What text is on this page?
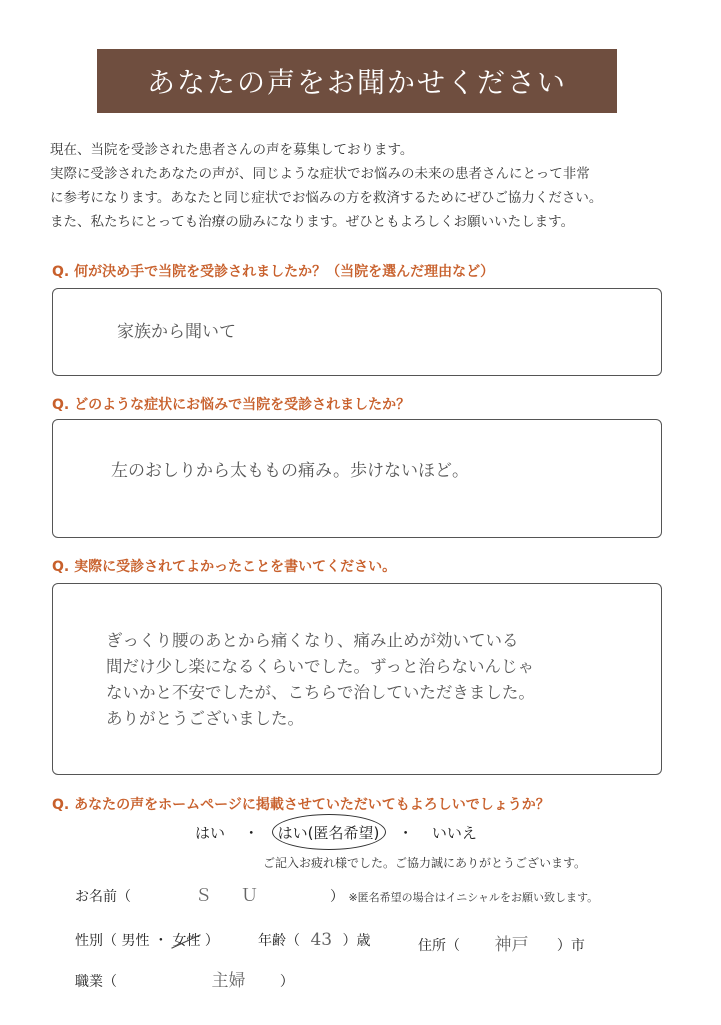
あなたの声をお聞かせください
現在、当院を受診された患者さんの声を募集しております。
実際に受診されたあなたの声が、同じような症状でお悩みの未来の患者さんにとって非常
に参考になります。あなたと同じ症状でお悩みの方を救済するためにぜひご協力ください。
また、私たちにとっても治療の励みになります。ぜひともよろしくお願いいたします。
Q. 何が決め手で当院を受診されましたか？（当院を選んだ理由など）
家族から聞いて
Q. どのような症状にお悩みで当院を受診されましたか？
左のおしりから太ももの痛み。歩けないほど。
Q. 実際に受診されてよかったことを書いてください。
ぎっくり腰のあとから痛くなり、痛み止めが効いている
間だけ少し楽になるくらいでした。ずっと治らないんじゃ
ないかと不安でしたが、こちらで治していただきました。
ありがとうございました。
Q. あなたの声をホームページに掲載させていただいてもよろしいでしょうか？
はい ・ はい(匿名希望) ・ いいえ
ご記入お疲れ様でした。ご協力誠にありがとうございます。
お名前（	Ｓ　Ｕ	） ※匿名希望の場合はイニシャルをお願い致します。
性別（ 男性 ・ 女性 ）	年齢（ 43 ）歳	住所（ 神戸 ）市
職業（	主婦 ）
